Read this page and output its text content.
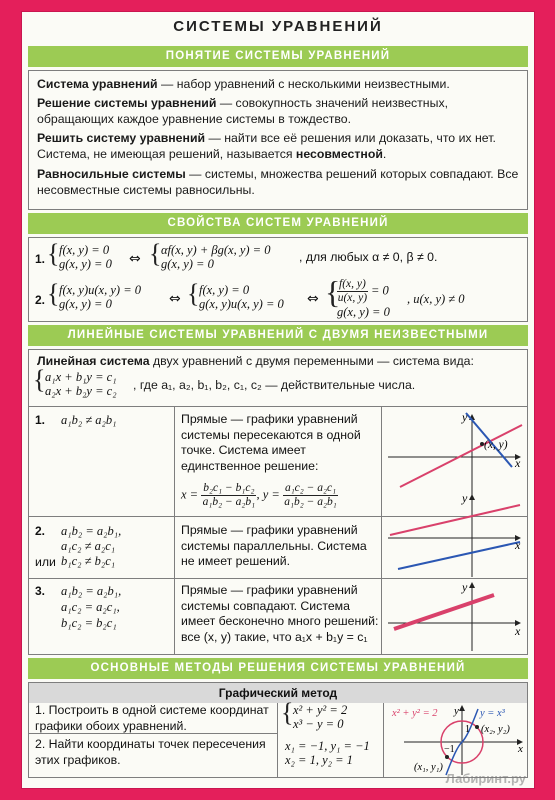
СИСТЕМЫ УРАВНЕНИЙ
ПОНЯТИЕ СИСТЕМЫ УРАВНЕНИЙ
Система уравнений — набор уравнений с несколькими неизвестными.
Решение системы уравнений — совокупность значений неизвестных, обращающих каждое уравнение системы в тождество.
Решить систему уравнений — найти все её решения или доказать, что их нет. Система, не имеющая решений, называется несовместной.
Равносильные системы — системы, множества решений которых совпадают. Все несовместные системы равносильны.
СВОЙСТВА СИСТЕМ УРАВНЕНИЙ
1. { f(x, y) = 0
g(x, y) = 0 ⇔ { αf(x, y) + βg(x, y) = 0
g(x, y) = 0	, для любых α ≠ 0, β ≠ 0.
2. { f(x, y)u(x, y) = 0
g(x, y) = 0	⇔ { f(x, y) = 0
g(x, y)u(x, y) = 0 ⇔ {
$\frac{f(x, y)}{u(x, y)} = 0$
g(x, y) = 0
, u(x, y) ≠ 0
ЛИНЕЙНЫЕ СИСТЕМЫ УРАВНЕНИЙ С ДВУМЯ НЕИЗВЕСТНЫМИ
Линейная система двух уравнений с двумя переменными — система вида:
{ a₁x + b₁y = c₁
a₂x + b₂y = c₂ , где a₁, a₂, b₁, b₂, c₁, c₂ — действительные числа.
1. a₁b₂ ≠ a₂b₁	Прямые — графики уравнений системы пересекаются в одной точке. Система имеет единственное решение:
$x = \frac{\text{b₂c₁ − b₁c₂}}{\text{a₁b₂ − a₂b₁}}$ , $y = \frac{\text{a₁c₂ − a₂c₁}}{\text{a₁b₂ − a₂b₁}}$
2. a₁b₂ = a₂b₁,
a₁c₂ ≠ a₂c₁
или b₁c₂ ≠ b₂c₁
Прямые — графики уравнений системы параллельны. Система не имеет решений.
3. a₁b₂ = a₂b₁,
a₁c₂ = a₂c₁,
b₁c₂ = b₂c₁
Прямые — графики уравнений системы совпадают. Система имеет бесконечно много решений: все (x, y) такие, что a₁x + b₁y = c₁
x
y
(x, y)
y
x
y
x
ОСНОВНЫЕ МЕТОДЫ РЕШЕНИЯ СИСТЕМЫ УРАВНЕНИЙ
Графический метод
1. Построить в одной системе координат графики обоих уравнений.
2. Найти координаты точек пересечения этих графиков.
{ x² + y² = 2
x³ − y = 0
x₁ = −1, y₁ = −1
x₂ = 1, y₂ = 1
x² + y² = 2	y = x³
(x₂, y₂)
(x₁, y₁)
1
−1	x
y
Лабиринт.ру
